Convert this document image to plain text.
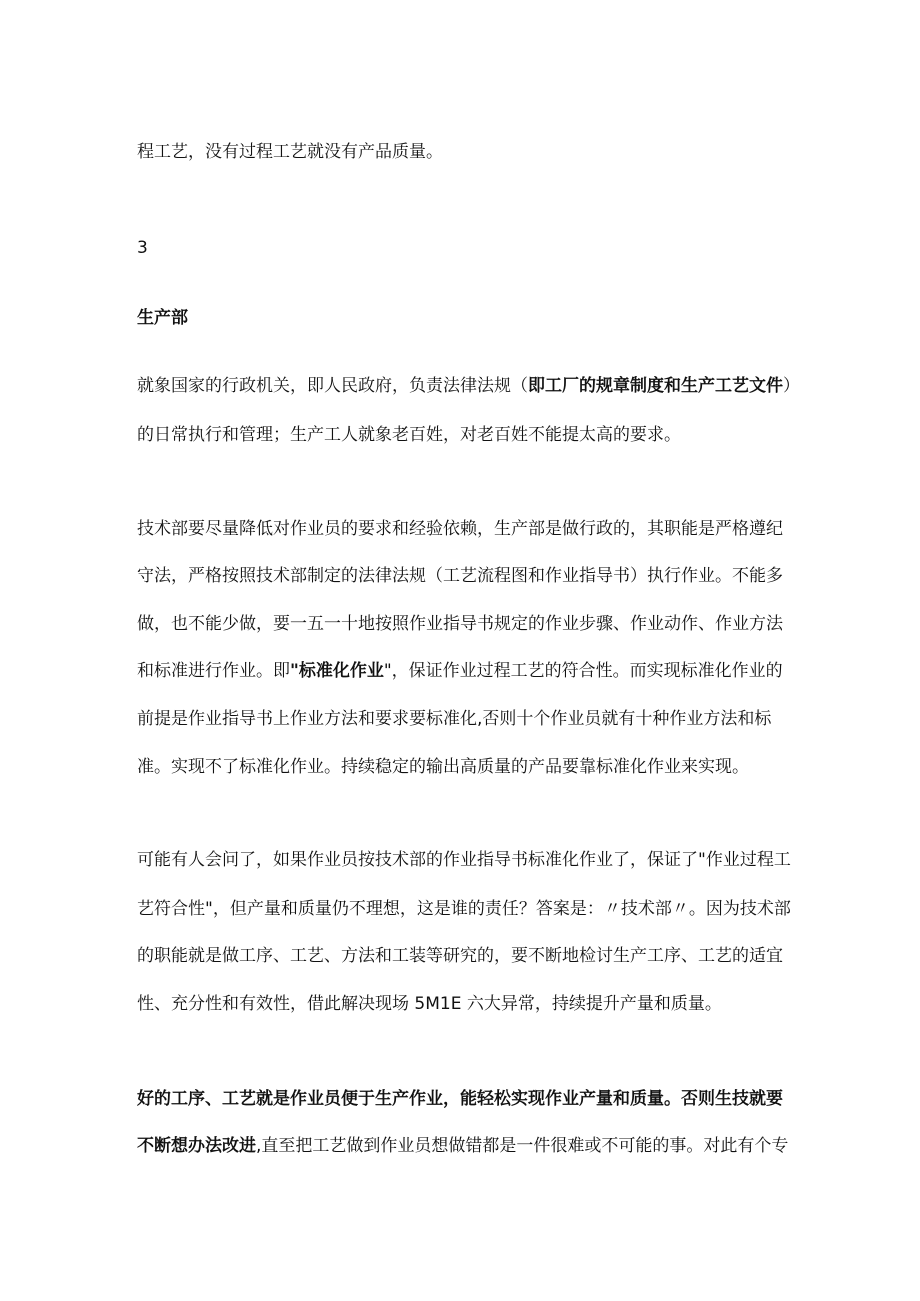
程工艺，没有过程工艺就没有产品质量。
3
生产部
就象国家的行政机关，即人民政府，负责法律法规（即工厂的规章制度和生产工艺文件）
的日常执行和管理；生产工人就象老百姓，对老百姓不能提太高的要求。
技术部要尽量降低对作业员的要求和经验依赖，生产部是做行政的，其职能是严格遵纪
守法，严格按照技术部制定的法律法规（工艺流程图和作业指导书）执行作业。不能多
做，也不能少做，要一五一十地按照作业指导书规定的作业步骤、作业动作、作业方法
和标准进行作业。即"标准化作业"，保证作业过程工艺的符合性。而实现标准化作业的
前提是作业指导书上作业方法和要求要标准化,否则十个作业员就有十种作业方法和标
准。实现不了标准化作业。持续稳定的输出高质量的产品要靠标准化作业来实现。
可能有人会问了，如果作业员按技术部的作业指导书标准化作业了，保证了"作业过程工
艺符合性"，但产量和质量仍不理想，这是谁的责任？答案是：〃技术部〃。因为技术部
的职能就是做工序、工艺、方法和工装等研究的，要不断地检讨生产工序、工艺的适宜
性、充分性和有效性，借此解决现场 5M1E 六大异常，持续提升产量和质量。
好的工序、工艺就是作业员便于生产作业，能轻松实现作业产量和质量。否则生技就要
不断想办法改进,直至把工艺做到作业员想做错都是一件很难或不可能的事。对此有个专
